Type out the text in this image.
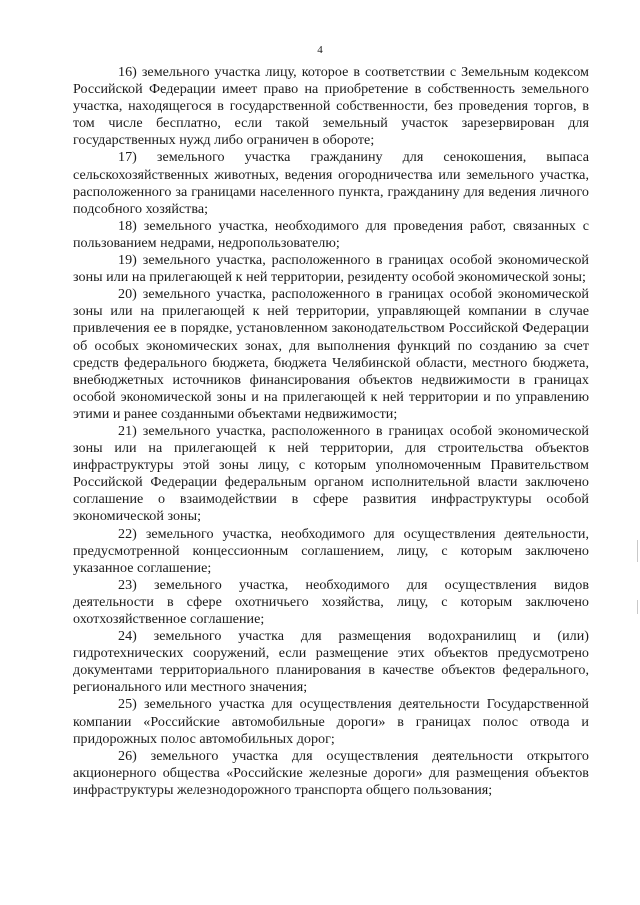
4

16) земельного участка лицу, которое в соответствии с Земельным кодексом Российской Федерации имеет право на приобретение в собственность земельного участка, находящегося в государственной собственности, без проведения торгов, в том числе бесплатно, если такой земельный участок зарезервирован для государственных нужд либо ограничен в обороте;

17) земельного участка гражданину для сенокошения, выпаса сельскохозяйственных животных, ведения огородничества или земельного участка, расположенного за границами населенного пункта, гражданину для ведения личного подсобного хозяйства;

18) земельного участка, необходимого для проведения работ, связанных с пользованием недрами, недропользователю;

19) земельного участка, расположенного в границах особой экономической зоны или на прилегающей к ней территории, резиденту особой экономической зоны;

20) земельного участка, расположенного в границах особой экономической зоны или на прилегающей к ней территории, управляющей компании в случае привлечения ее в порядке, установленном законодательством Российской Федерации об особых экономических зонах, для выполнения функций по созданию за счет средств федерального бюджета, бюджета Челябинской области, местного бюджета, внебюджетных источников финансирования объектов недвижимости в границах особой экономической зоны и на прилегающей к ней территории и по управлению этими и ранее созданными объектами недвижимости;

21) земельного участка, расположенного в границах особой экономической зоны или на прилегающей к ней территории, для строительства объектов инфраструктуры этой зоны лицу, с которым уполномоченным Правительством Российской Федерации федеральным органом исполнительной власти заключено соглашение о взаимодействии в сфере развития инфраструктуры особой экономической зоны;

22) земельного участка, необходимого для осуществления деятельности, предусмотренной концессионным соглашением, лицу, с которым заключено указанное соглашение;

23) земельного участка, необходимого для осуществления видов деятельности в сфере охотничьего хозяйства, лицу, с которым заключено охотхозяйственное соглашение;

24) земельного участка для размещения водохранилищ и (или) гидротехнических сооружений, если размещение этих объектов предусмотрено документами территориального планирования в качестве объектов федерального, регионального или местного значения;

25) земельного участка для осуществления деятельности Государственной компании «Российские автомобильные дороги» в границах полос отвода и придорожных полос автомобильных дорог;

26) земельного участка для осуществления деятельности открытого акционерного общества «Российские железные дороги» для размещения объектов инфраструктуры железнодорожного транспорта общего пользования;
